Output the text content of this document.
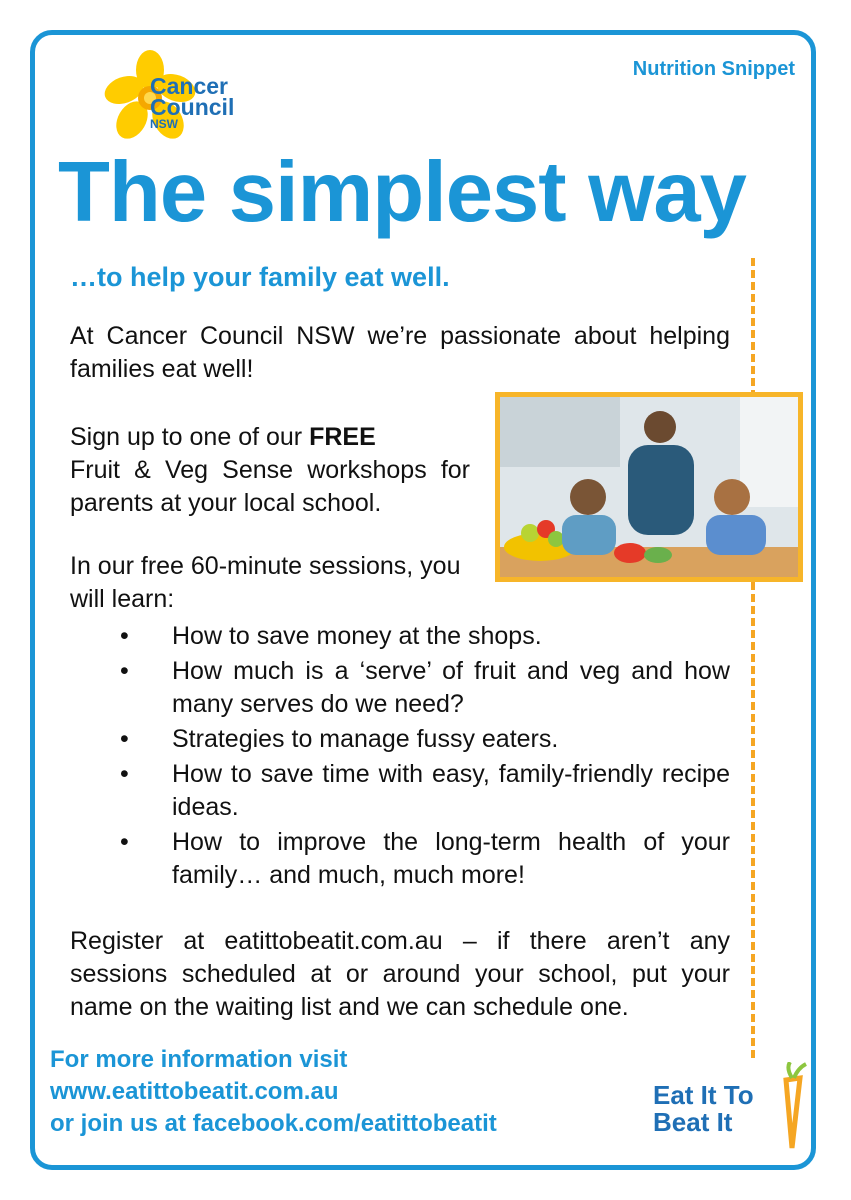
Cancer
Council
NSW
Nutrition Snippet
The simplest way
…to help your family eat well.
At Cancer Council NSW we’re passionate about helping families eat well!
Sign up to one of our FREE

Fruit & Veg Sense workshops for parents at your local school.
In our free 60-minute sessions, you will learn:
• How to save money at the shops.
• How much is a ‘serve’ of fruit and veg and how many serves do we need?
• Strategies to manage fussy eaters.
• How to save time with easy, family-friendly recipe ideas.
• How to improve the long-term health of your family… and much, much more!
Register at eatittobeatit.com.au – if there aren’t any sessions scheduled at or around your school, put your name on the waiting list and we can schedule one.
For more information visit
www.eatittobeatit.com.au
or join us at facebook.com/eatittobeatit
Eat It To
Beat It
